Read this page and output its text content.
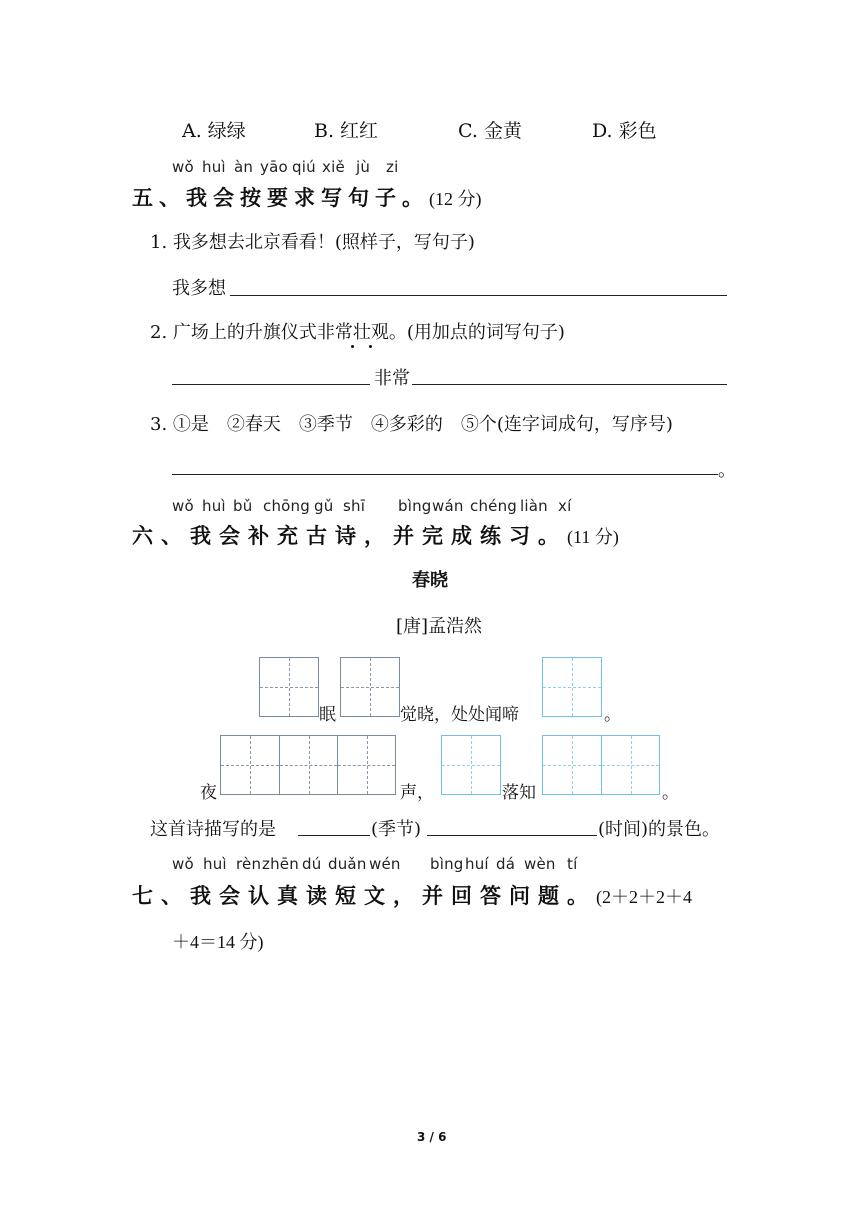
A. 绿绿	B. 红红	C. 金黄	D. 彩色
wǒ huì àn yāo qiú xiě jù zi
五、我会按要求写句子。(12 分)
1. 我多想去北京看看！(照样子，写句子)
我多想
2. 广场上的升旗仪式非常壮观。(用加点的词写句子)
非常
3. ①是　②春天　③季节　④多彩的　⑤个(连字词成句，写序号)
。
wǒ huì bǔ chōng gǔ shī bìng wán chéng liàn xí
六、我会补充古诗，并完成练习。(11 分)
春晓
[唐]孟浩然
眠	觉晓，处处闻啼	。
夜	声，	落知	。
这首诗描写的是	(季节)	(时间)的景色。
wǒ huì rèn zhēn dú duǎn wén bìng huí dá wèn tí
七、我会认真读短文，并回答问题。(2＋2＋2＋4
＋4＝14 分)
3 / 6
